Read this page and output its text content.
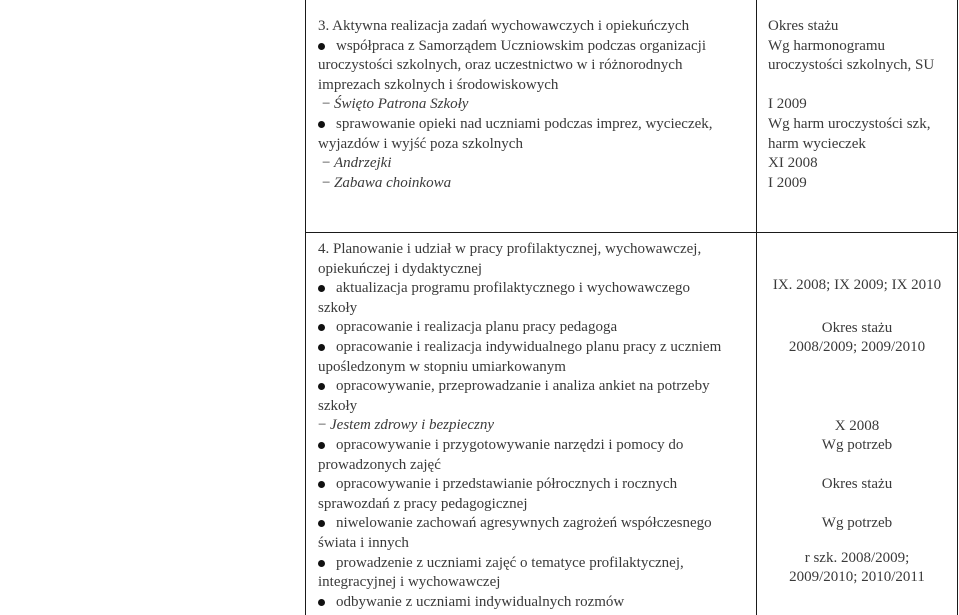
3. Aktywna realizacja zadań wychowawczych i opiekuńczych
współpraca z Samorządem Uczniowskim podczas organizacji
uroczystości szkolnych, oraz uczestnictwo w i różnorodnych
imprezach szkolnych i środowiskowych
− Święto Patrona Szkoły
sprawowanie opieki nad uczniami podczas imprez, wycieczek,
wyjazdów i wyjść poza szkolnych
− Andrzejki
− Zabawa choinkowa
Okres stażu
Wg harmonogramu
uroczystości szkolnych, SU

I 2009
Wg harm uroczystości szk,
harm wycieczek
XI 2008
I 2009
4. Planowanie i udział w pracy profilaktycznej, wychowawczej,
opiekuńczej i dydaktycznej
aktualizacja programu profilaktycznego i wychowawczego
szkoły
opracowanie i realizacja planu pracy pedagoga
opracowanie i realizacja indywidualnego planu pracy z uczniem
upośledzonym w stopniu umiarkowanym
opracowywanie, przeprowadzanie i analiza ankiet na potrzeby
szkoły
− Jestem zdrowy i bezpieczny
opracowywanie i przygotowywanie narzędzi i pomocy do
prowadzonych zajęć
opracowywanie i przedstawianie półrocznych i rocznych
sprawozdań z pracy pedagogicznej
niwelowanie zachowań agresywnych zagrożeń współczesnego
świata i innych
prowadzenie z uczniami zajęć o tematyce profilaktycznej,
integracyjnej i wychowawczej
odbywanie z uczniami indywidualnych rozmów
IX. 2008; IX 2009; IX 2010
Okres stażu
2008/2009; 2009/2010
X 2008
Wg potrzeb
Okres stażu
Wg potrzeb
r szk. 2008/2009;
2009/2010; 2010/2011
